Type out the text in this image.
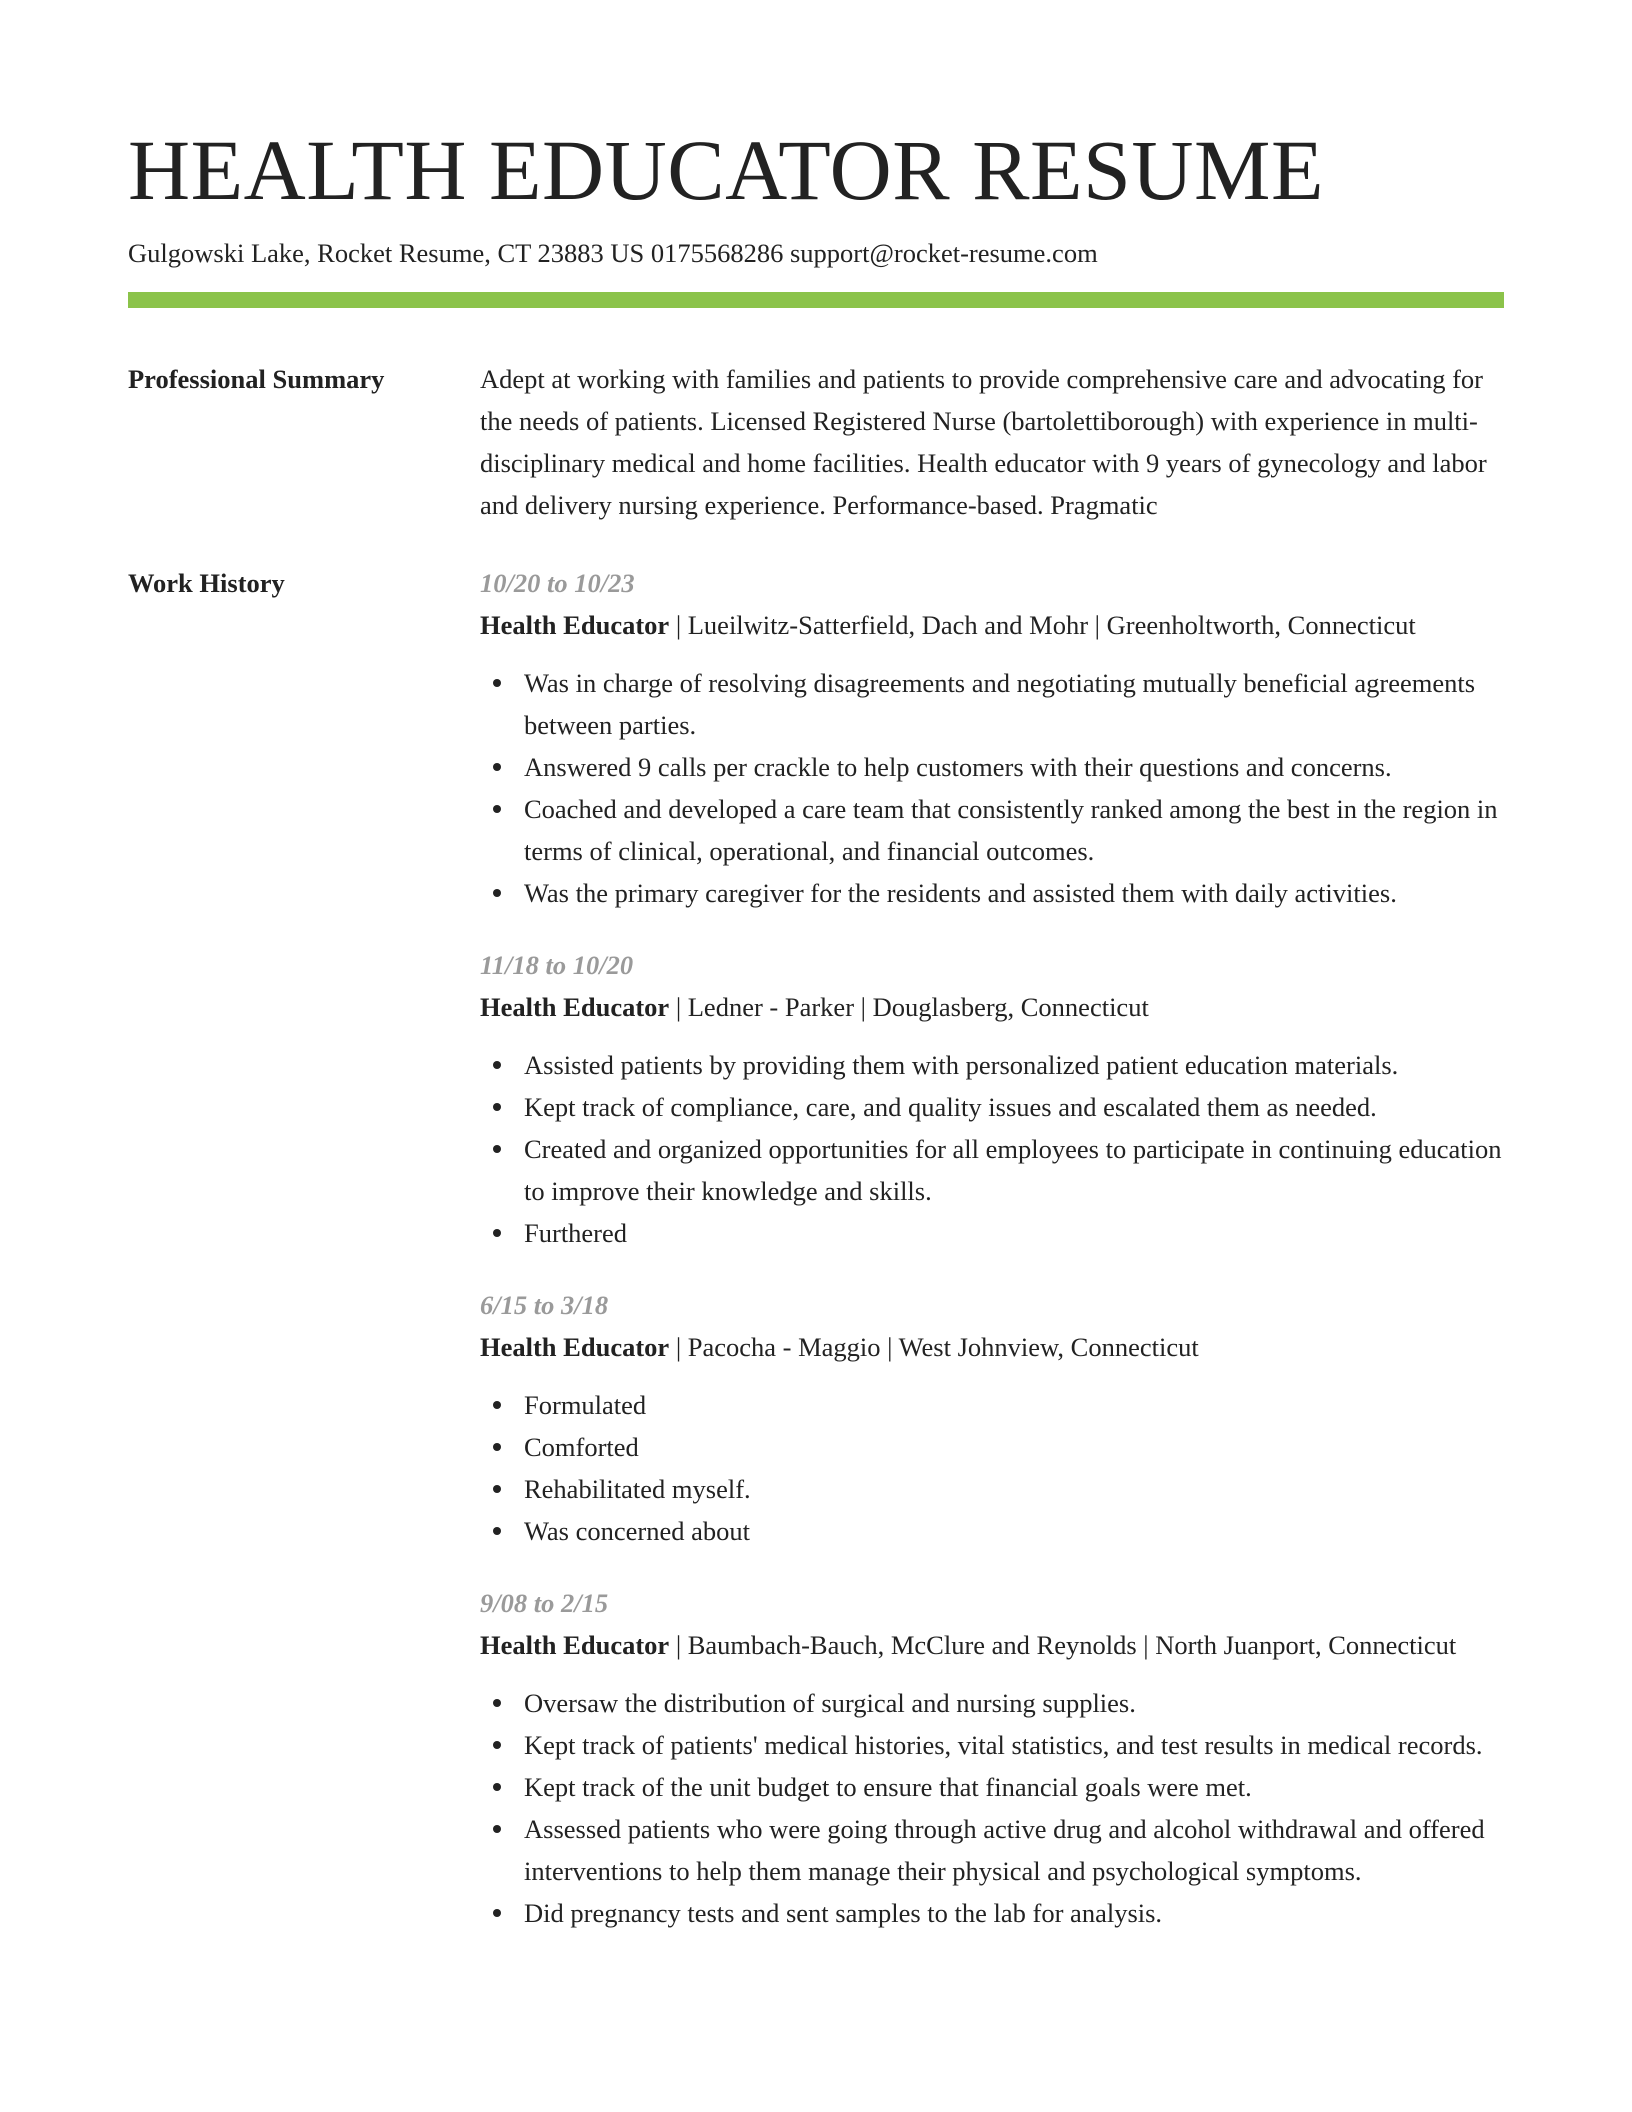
HEALTH EDUCATOR RESUME
Gulgowski Lake, Rocket Resume, CT 23883 US 0175568286 support@rocket-resume.com
Professional Summary	Adept at working with families and patients to provide comprehensive care and advocating for the needs of patients. Licensed Registered Nurse (bartolettiborough) with experience in multi-disciplinary medical and home facilities. Health educator with 9 years of gynecology and labor and delivery nursing experience. Performance-based. Pragmatic
Work History	10/20 to 10/23
Health Educator | Lueilwitz-Satterfield, Dach and Mohr | Greenholtworth, Connecticut
Was in charge of resolving disagreements and negotiating mutually beneficial agreements between parties.
Answered 9 calls per crackle to help customers with their questions and concerns.
Coached and developed a care team that consistently ranked among the best in the region in terms of clinical, operational, and financial outcomes.
Was the primary caregiver for the residents and assisted them with daily activities.
11/18 to 10/20
Health Educator | Ledner - Parker | Douglasberg, Connecticut
Assisted patients by providing them with personalized patient education materials.
Kept track of compliance, care, and quality issues and escalated them as needed.
Created and organized opportunities for all employees to participate in continuing education to improve their knowledge and skills.
Furthered
6/15 to 3/18
Health Educator | Pacocha - Maggio | West Johnview, Connecticut
Formulated
Comforted
Rehabilitated myself.
Was concerned about
9/08 to 2/15
Health Educator | Baumbach-Bauch, McClure and Reynolds | North Juanport, Connecticut
Oversaw the distribution of surgical and nursing supplies.
Kept track of patients' medical histories, vital statistics, and test results in medical records.
Kept track of the unit budget to ensure that financial goals were met.
Assessed patients who were going through active drug and alcohol withdrawal and offered interventions to help them manage their physical and psychological symptoms.
Did pregnancy tests and sent samples to the lab for analysis.
